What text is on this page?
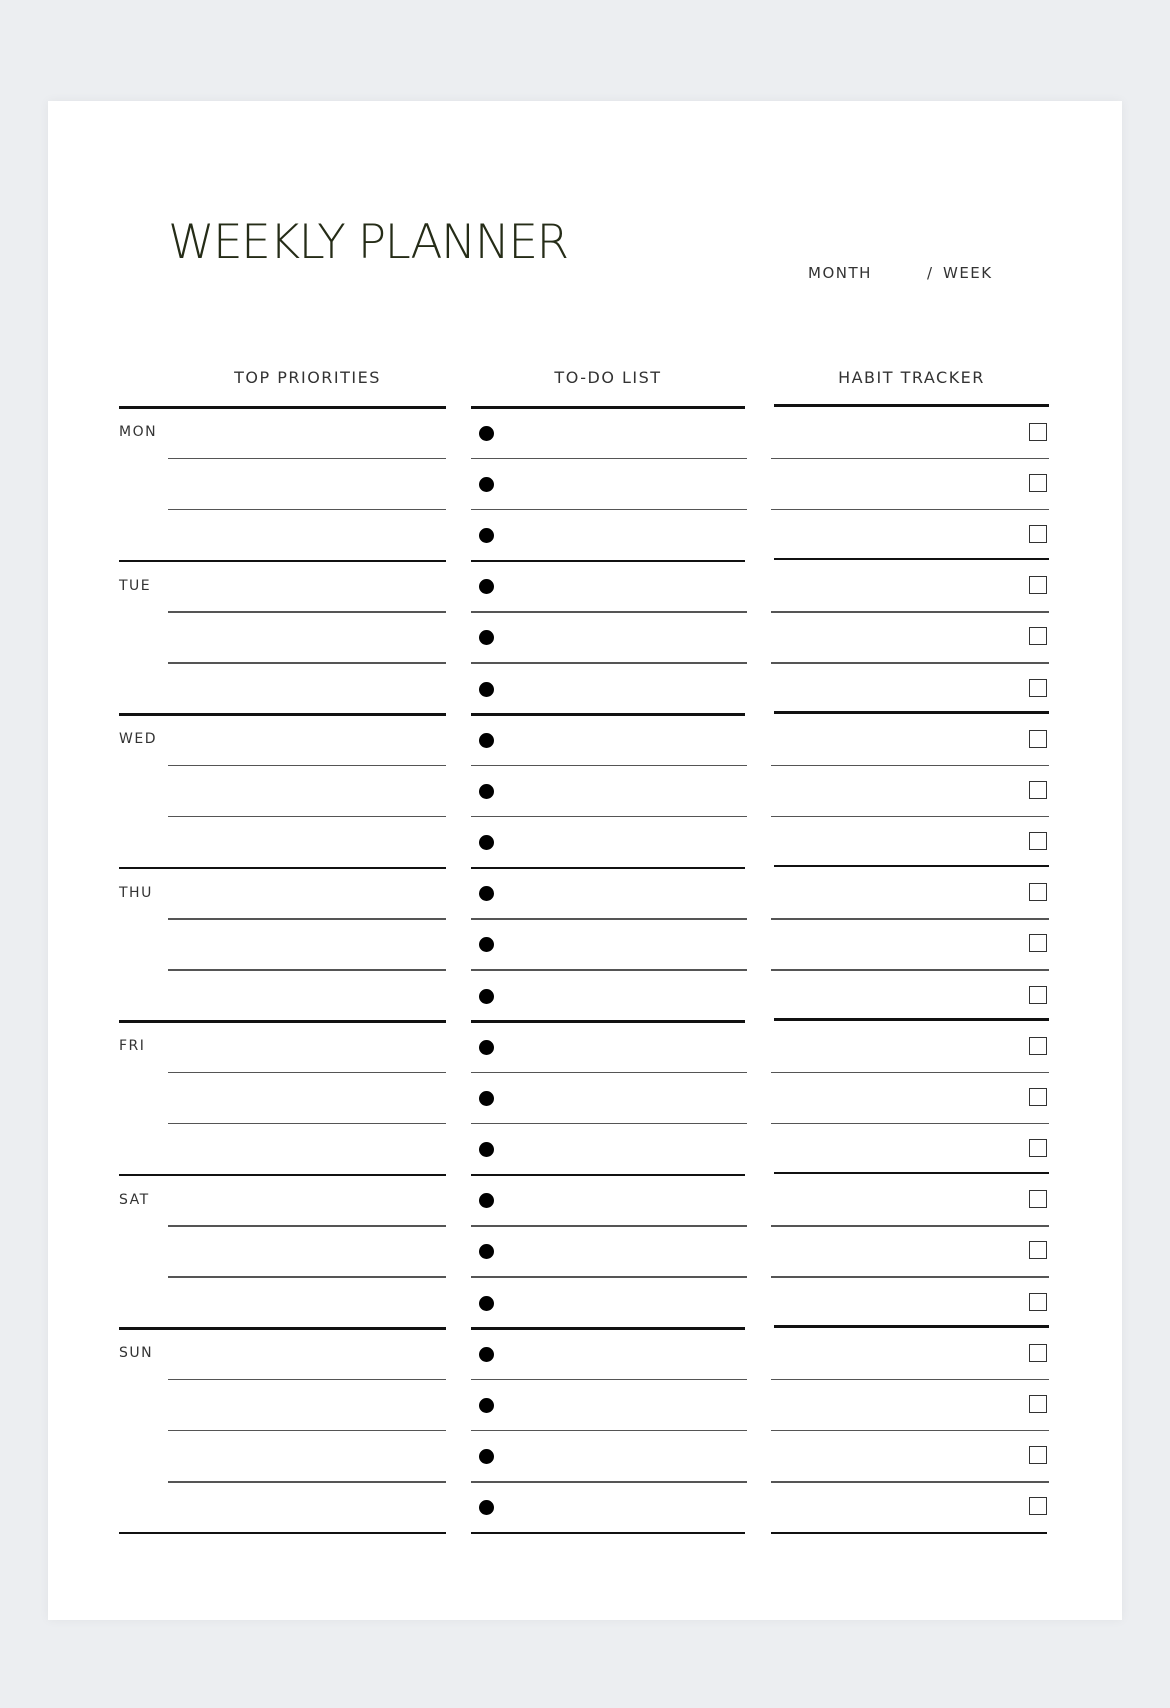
WEEKLY PLANNER
MONTH	/ WEEK
TOP PRIORITIES	TO-DO LIST	HABIT TRACKER
MON
TUE
WED
THU
FRI
SAT
SUN
